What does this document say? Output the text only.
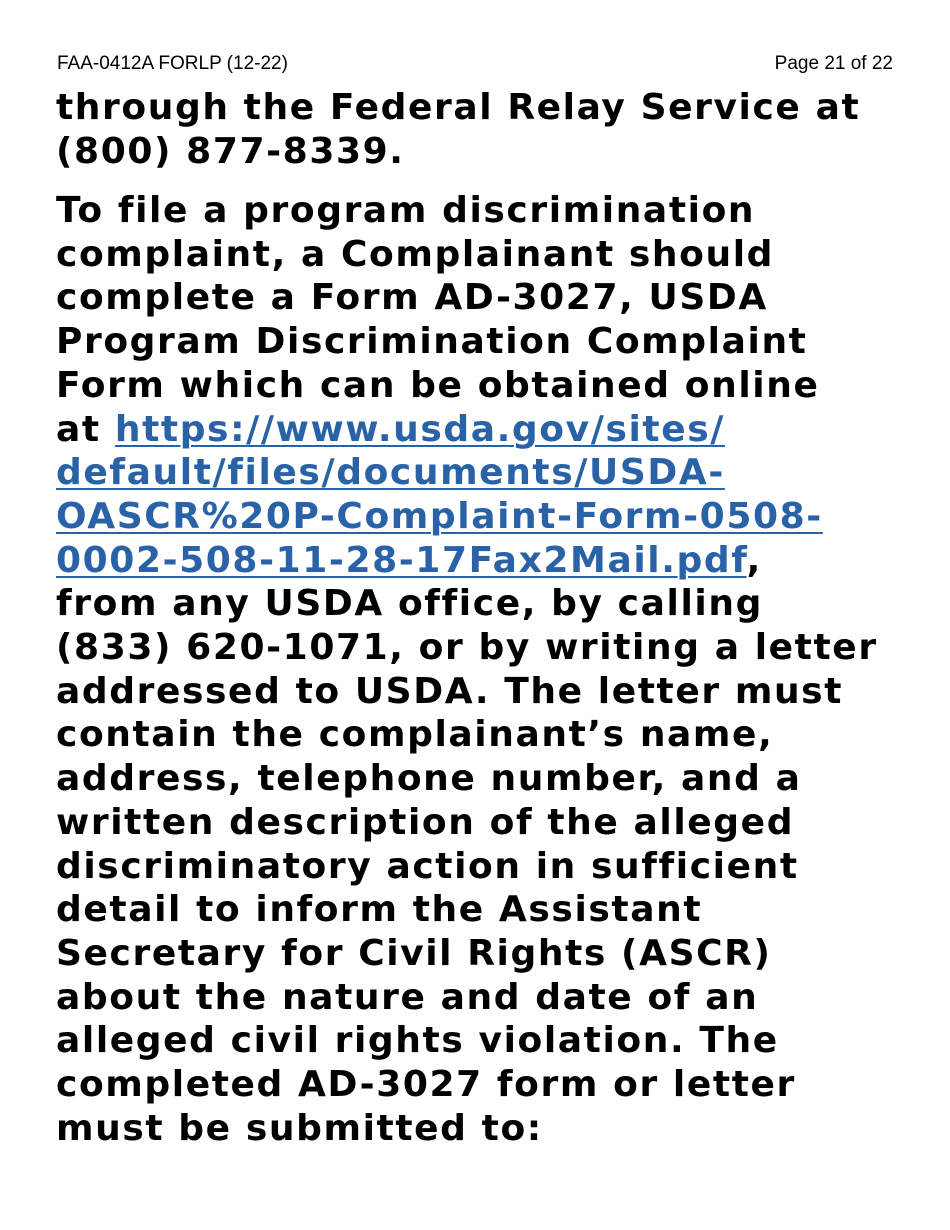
FAA-0412A FORLP (12-22)	Page 21 of 22
through the Federal Relay Service at
(800) 877-8339.
To file a program discrimination
complaint, a Complainant should
complete a Form AD-3027, USDA
Program Discrimination Complaint
Form which can be obtained online
at https://www.usda.gov/sites/
default/files/documents/USDA-
OASCR%20P-Complaint-Form-0508-
0002-508-11-28-17Fax2Mail.pdf,
from any USDA office, by calling
(833) 620-1071, or by writing a letter
addressed to USDA. The letter must
contain the complainant’s name,
address, telephone number, and a
written description of the alleged
discriminatory action in sufficient
detail to inform the Assistant
Secretary for Civil Rights (ASCR)
about the nature and date of an
alleged civil rights violation. The
completed AD-3027 form or letter
must be submitted to:
